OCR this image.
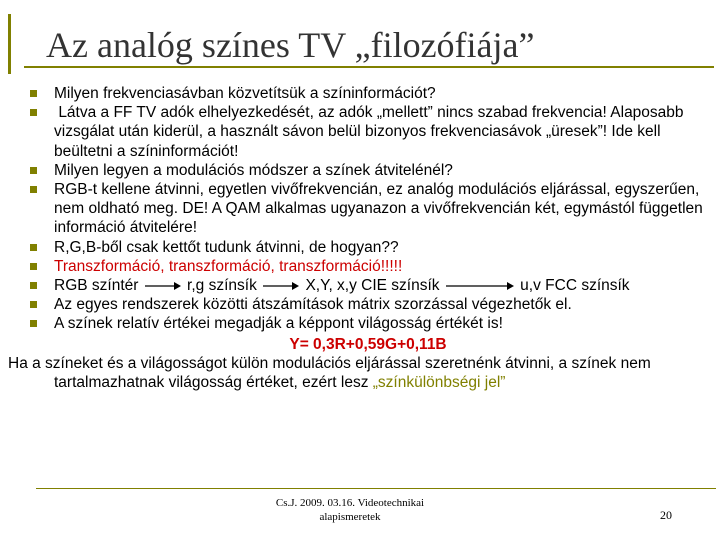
Az analóg színes TV „filozófiája”
Milyen frekvenciasávban közvetítsük a színinformációt?
Látva a FF TV adók elhelyezkedését, az adók „mellett” nincs szabad frekvencia! Alaposabb vizsgálat után kiderül, a használt sávon belül bizonyos frekvenciasávok „üresek”! Ide kell beültetni a színinformációt!
Milyen legyen a modulációs módszer a színek átvitelénél?
RGB-t kellene átvinni, egyetlen vivőfrekvencián, ez analóg modulációs eljárással, egyszerűen, nem oldható meg. DE! A QAM alkalmas ugyanazon a vivőfrekvencián két, egymástól független információ átvitelére!
R,G,B-ből csak kettőt tudunk átvinni, de hogyan??
Transzformáció, transzformáció, transzformáció!!!!!
RGB színtér	r,g színsík	X,Y, x,y CIE színsík	u,v FCC színsík
Az egyes rendszerek közötti átszámítások mátrix szorzással végezhetők el.
A színek relatív értékei megadják a képpont világosság értékét is!
Y= 0,3R+0,59G+0,11B
Ha a színeket és a világosságot külön modulációs eljárással szeretnénk átvinni, a színek nem tartalmazhatnak világosság értéket, ezért lesz „színkülönbségi jel”
Cs.J. 2009. 03.16. Videotechnikai
alapismeretek	20
